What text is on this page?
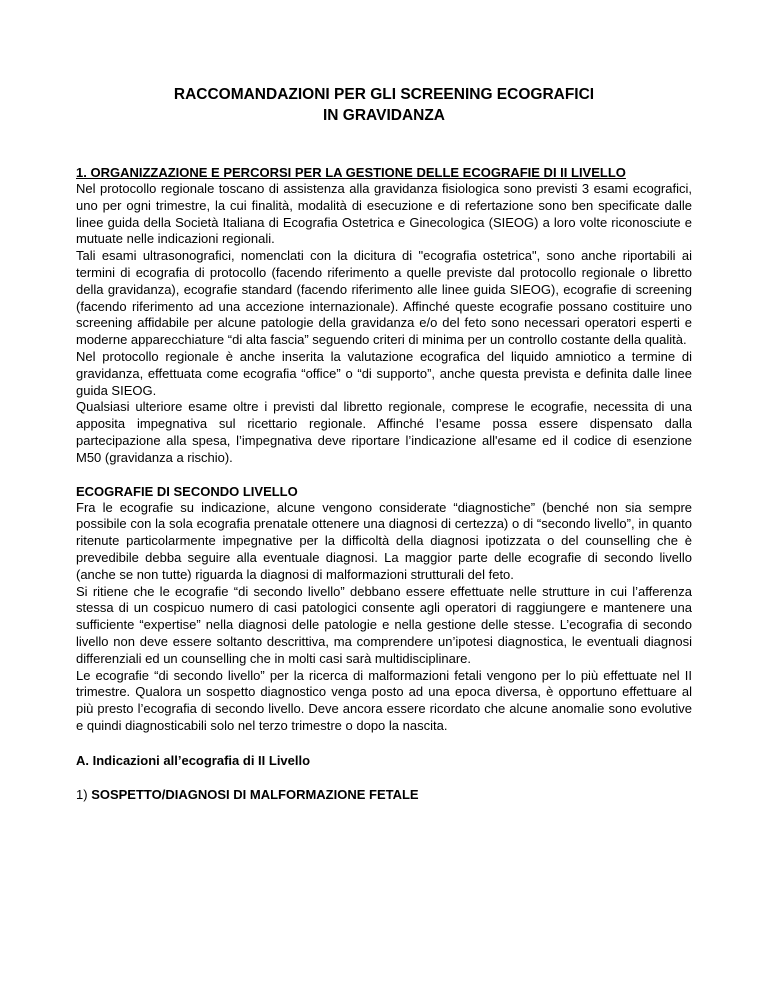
RACCOMANDAZIONI PER GLI SCREENING ECOGRAFICI
IN GRAVIDANZA

1. ORGANIZZAZIONE E PERCORSI PER LA GESTIONE DELLE ECOGRAFIE DI II LIVELLO

Nel protocollo regionale toscano di assistenza alla gravidanza fisiologica sono previsti 3 esami ecografici, uno per ogni trimestre, la cui finalità, modalità di esecuzione e di refertazione sono ben specificate dalle linee guida della Società Italiana di Ecografia Ostetrica e Ginecologica (SIEOG) a loro volte riconosciute e mutuate nelle indicazioni regionali.

Tali esami ultrasonografici, nomenclati con la dicitura di "ecografia ostetrica", sono anche riportabili ai termini di ecografia di protocollo (facendo riferimento a quelle previste dal protocollo regionale o libretto della gravidanza), ecografie standard (facendo riferimento alle linee guida SIEOG), ecografie di screening (facendo riferimento ad una accezione internazionale). Affinché queste ecografie possano costituire uno screening affidabile per alcune patologie della gravidanza e/o del feto sono necessari operatori esperti e moderne apparecchiature “di alta fascia” seguendo criteri di minima per un controllo costante della qualità.

Nel protocollo regionale è anche inserita la valutazione ecografica del liquido amniotico a termine di gravidanza, effettuata come ecografia “office” o “di supporto”, anche questa prevista e definita dalle linee guida SIEOG.

Qualsiasi ulteriore esame oltre i previsti dal libretto regionale, comprese le ecografie, necessita di una apposita impegnativa sul ricettario regionale. Affinché l’esame possa essere dispensato dalla partecipazione alla spesa, l’impegnativa deve riportare l’indicazione all'esame ed il codice di esenzione M50 (gravidanza a rischio).

ECOGRAFIE DI SECONDO LIVELLO

Fra le ecografie su indicazione, alcune vengono considerate “diagnostiche” (benché non sia sempre possibile con la sola ecografia prenatale ottenere una diagnosi di certezza) o di “secondo livello”, in quanto ritenute particolarmente impegnative per la difficoltà della diagnosi ipotizzata o del counselling che è prevedibile debba seguire alla eventuale diagnosi. La maggior parte delle ecografie di secondo livello (anche se non tutte) riguarda la diagnosi di malformazioni strutturali del feto.

Si ritiene che le ecografie “di secondo livello” debbano essere effettuate nelle strutture in cui l’afferenza stessa di un cospicuo numero di casi patologici consente agli operatori di raggiungere e mantenere una sufficiente “expertise” nella diagnosi delle patologie e nella gestione delle stesse. L’ecografia di secondo livello non deve essere soltanto descrittiva, ma comprendere un’ipotesi diagnostica, le eventuali diagnosi differenziali ed un counselling che in molti casi sarà multidisciplinare.

Le ecografie “di secondo livello” per la ricerca di malformazioni fetali vengono per lo più effettuate nel II trimestre. Qualora un sospetto diagnostico venga posto ad una epoca diversa, è opportuno effettuare al più presto l’ecografia di secondo livello. Deve ancora essere ricordato che alcune anomalie sono evolutive e quindi diagnosticabili solo nel terzo trimestre o dopo la nascita.

A. Indicazioni all’ecografia di II Livello

1) SOSPETTO/DIAGNOSI DI MALFORMAZIONE FETALE
